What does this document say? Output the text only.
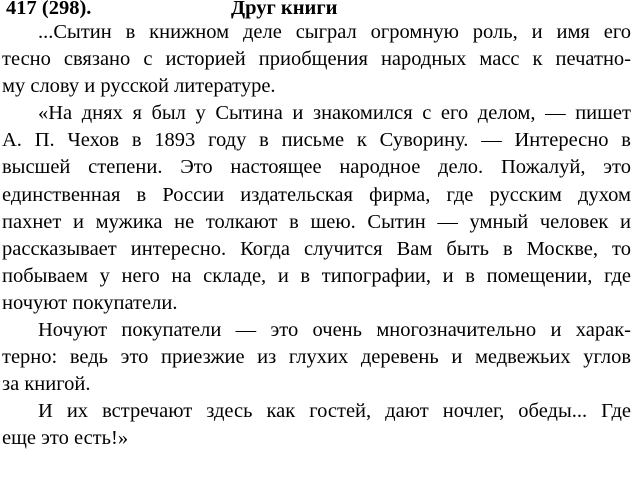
417 (298).	Друг книги
...Сытин в книжном деле сыграл огромную роль, и имя его
тесно связано с историей приобщения народных масс к печатно-
му слову и русской литературе.
«На днях я был у Сытина и знакомился с его делом, — пишет
А. П. Чехов в 1893 году в письме к Суворину. — Интересно в
высшей степени. Это настоящее народное дело. Пожалуй, это
единственная в России издательская фирма, где русским духом
пахнет и мужика не толкают в шею. Сытин — умный человек и
рассказывает интересно. Когда случится Вам быть в Москве, то
побываем у него на складе, и в типографии, и в помещении, где
ночуют покупатели.
Ночуют покупатели — это очень многозначительно и харак-
терно: ведь это приезжие из глухих деревень и медвежьих углов
за книгой.
И их встречают здесь как гостей, дают ночлег, обеды... Где
еще это есть!»
